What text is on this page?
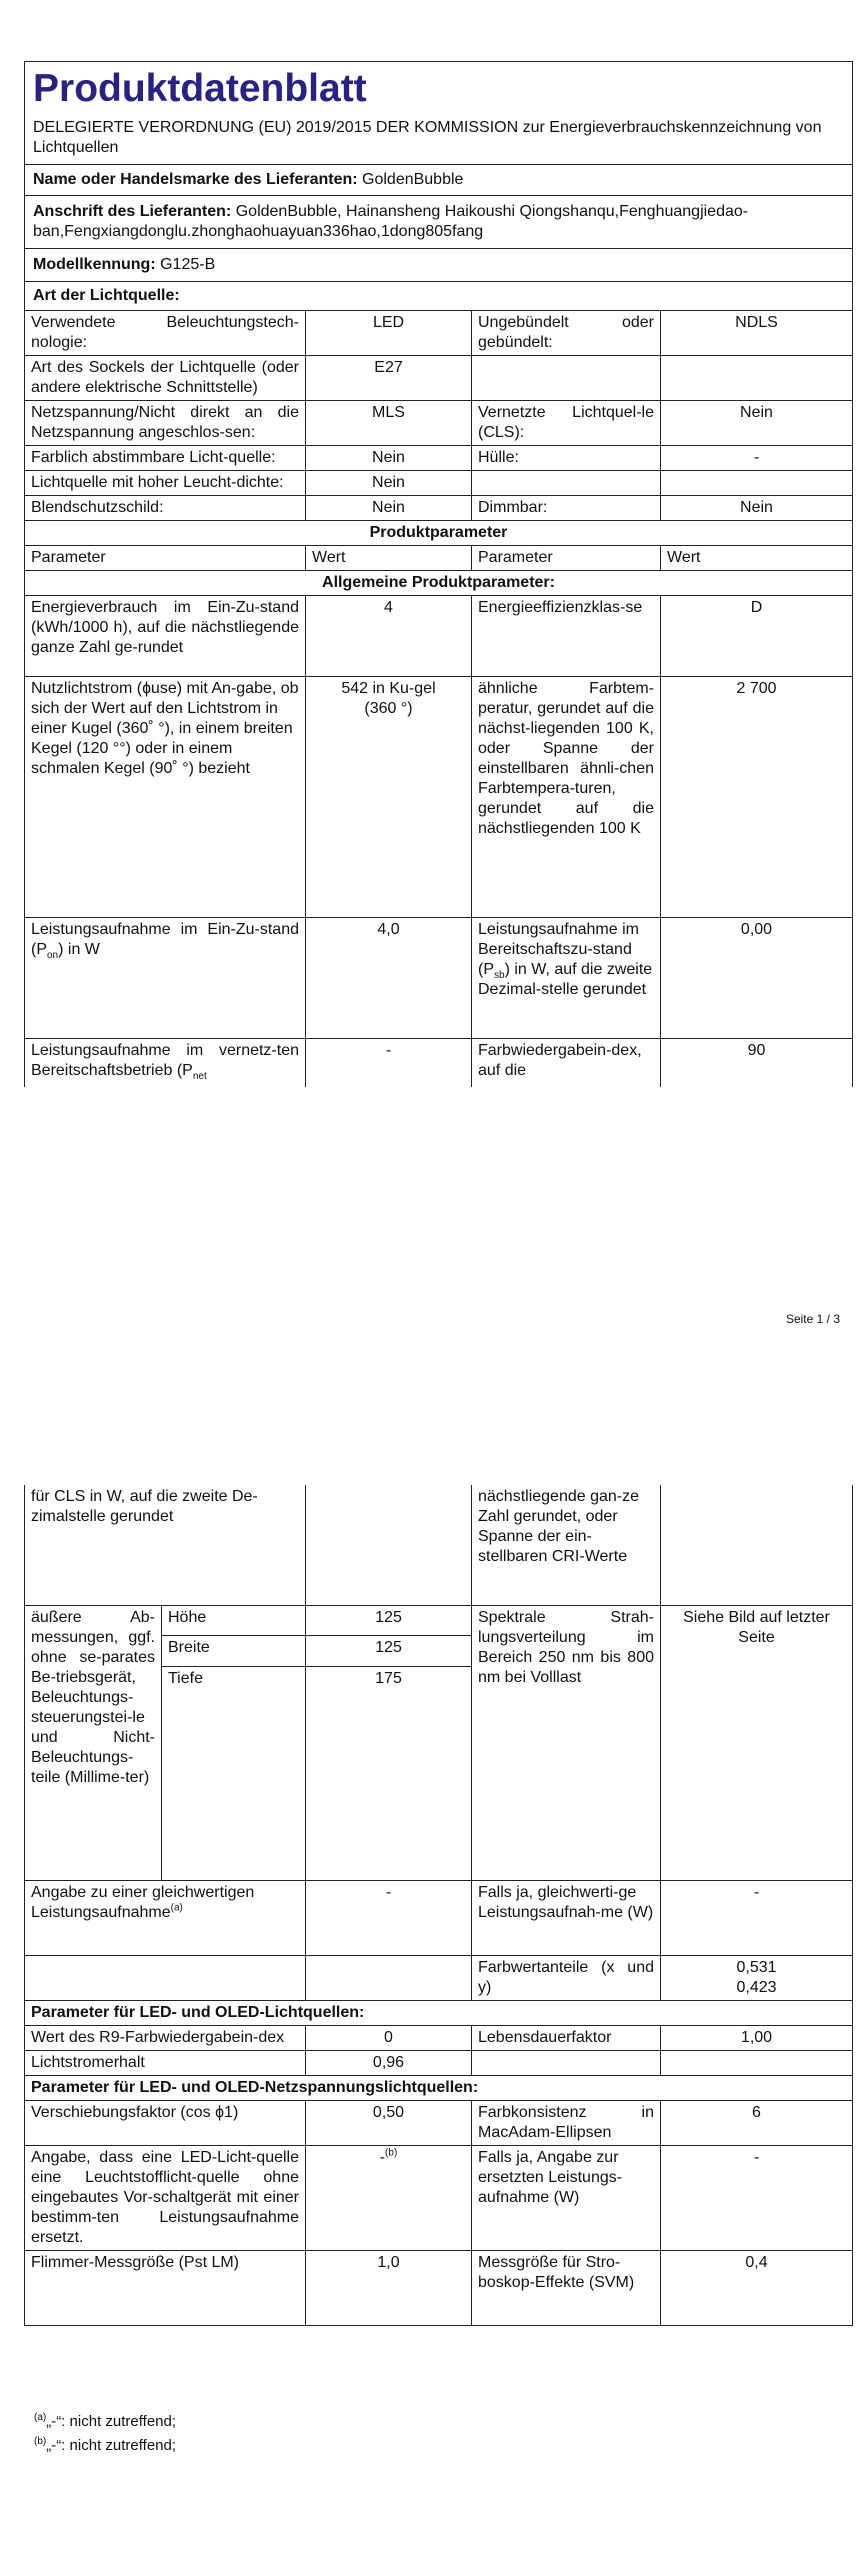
Produktdatenblatt
DELEGIERTE VERORDNUNG (EU) 2019/2015 DER KOMMISSION zur Energieverbrauchskennzeichnung von Lichtquellen			

Name oder Handelsmarke des Lieferanten: GoldenBubble			
Anschrift des Lieferanten: GoldenBubble, Hainansheng Haikoushi Qiongshanqu,Fenghuangjiedao-ban,Fengxiangdonglu.zhonghaohuayuan336hao,1dong805fang			
Modellkennung: G125-B			
Art der Lichtquelle:			
Verwendete Beleuchtungstech-nologie:	LED	Ungebündelt oder gebündelt:	NDLS
Art des Sockels der Lichtquelle (oder andere elektrische Schnittstelle)	E27		
Netzspannung/Nicht direkt an die Netzspannung angeschlos-sen:	MLS	Vernetzte Lichtquel-le (CLS):	Nein
Farblich abstimmbare Licht-quelle:	Nein	Hülle:	-
Lichtquelle mit hoher Leucht-dichte:	Nein		
Blendschutzschild:	Nein	Dimmbar:	Nein
Produktparameter			
Parameter	Wert	Parameter	Wert
Allgemeine Produktparameter:			
Energieverbrauch im Ein-Zu-stand (kWh/1000 h), auf die nächstliegende ganze Zahl ge-rundet	4	Energieeffizienzklas-se	D
Nutzlichtstrom (ɸuse) mit An-gabe, ob sich der Wert auf den Lichtstrom in einer Kugel (360˚ °), in einem breiten Kegel (120 °°) oder in einem schmalen Kegel (90˚ °) bezieht	542 in Ku-gel (360 °)	ähnliche Farbtem-peratur, gerundet auf die nächst-liegenden 100 K, oder Spanne der einstellbaren ähnli-chen Farbtempera-turen, gerundet auf die nächstliegenden 100 K	2 700
Leistungsaufnahme im Ein-Zu-stand $(P_{on})$ in W	4,0	Leistungsaufnahme im Bereitschaftszu-stand $(P_{sb})$ in W, auf die zweite Dezimal-stelle gerundet	0,00
Leistungsaufnahme im vernetz-ten Bereitschaftsbetrieb ($P_{net}$	-	Farbwiedergabein-dex, auf die	90
Seite 1 / 3
für CLS in W, auf die zweite De-zimalstelle gerundet			nächstliegende gan-ze Zahl gerundet, oder Spanne der ein-stellbaren CRI-Werte	
äußere Ab-messungen, ggf. ohne se-parates Be-triebsgerät, Beleuchtungs-steuerungstei-le und Nicht-Beleuchtungs-teile (Millime-ter)	Höhe	125	Spektrale Strah-lungsverteilung im Bereich 250 nm bis 800 nm bei Volllast	Siehe Bild auf letzter Seite
	Breite	125		
	Tiefe	175		

Angabe zu einer gleichwertigen Leistungsaufnahme$^{(a)}$		-	Falls ja, gleichwerti-ge Leistungsaufnah-me (W)	-
			Farbwertanteile (x und y)	0,531
0,423

Parameter für LED- und OLED-Lichtquellen:				
Wert des R9-Farbwiedergabein-dex		0	Lebensdauerfaktor	1,00
Lichtstromerhalt		0,96		
Parameter für LED- und OLED-Netzspannungslichtquellen:				
Verschiebungsfaktor (cos ϕ1)		0,50	Farbkonsistenz in MacAdam-Ellipsen	6
Angabe, dass eine LED-Licht-quelle eine Leuchtstofflicht-quelle ohne eingebautes Vor-schaltgerät mit einer bestimm-ten Leistungsaufnahme ersetzt.		-$^{(b)}$	Falls ja, Angabe zur ersetzten Leistungs-aufnahme (W)	-
Flimmer-Messgröße (Pst LM)		1,0	Messgröße für Stro-boskop-Effekte (SVM)	0,4
$^{(a)}$„-“: nicht zutreffend;
$^{(b)}$„-“: nicht zutreffend;
